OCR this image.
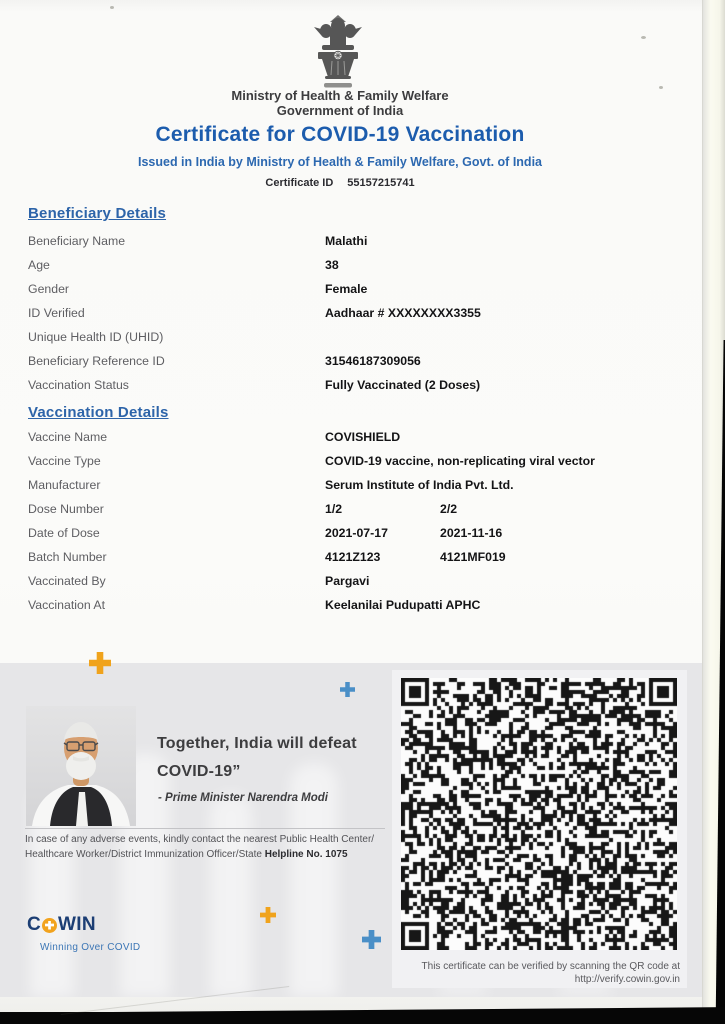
Ministry of Health & Family Welfare
Government of India
Certificate for COVID-19 Vaccination
Issued in India by Ministry of Health & Family Welfare, Govt. of India
Certificate ID 55157215741
Beneficiary Details
Beneficiary Name	Malathi
Age	38
Gender	Female
ID Verified	Aadhaar # XXXXXXXX3355
Unique Health ID (UHID)
Beneficiary Reference ID	31546187309056
Vaccination Status	Fully Vaccinated (2 Doses)
Vaccination Details
Vaccine Name	COVISHIELD
Vaccine Type	COVID-19 vaccine, non-replicating viral vector
Manufacturer	Serum Institute of India Pvt. Ltd.
Dose Number	1/2	2/2
Date of Dose	2021-07-17	2021-11-16
Batch Number	4121Z123	4121MF019
Vaccinated By	Pargavi
Vaccination At	Keelanilai Pudupatti APHC
Together, India will defeat
COVID-19”
- Prime Minister Narendra Modi
In case of any adverse events, kindly contact the nearest Public Health Center/
Healthcare Worker/District Immunization Officer/State Helpline No. 1075
This certificate can be verified by scanning the QR code at
http://verify.cowin.gov.in
C WIN
Winning Over COVID
